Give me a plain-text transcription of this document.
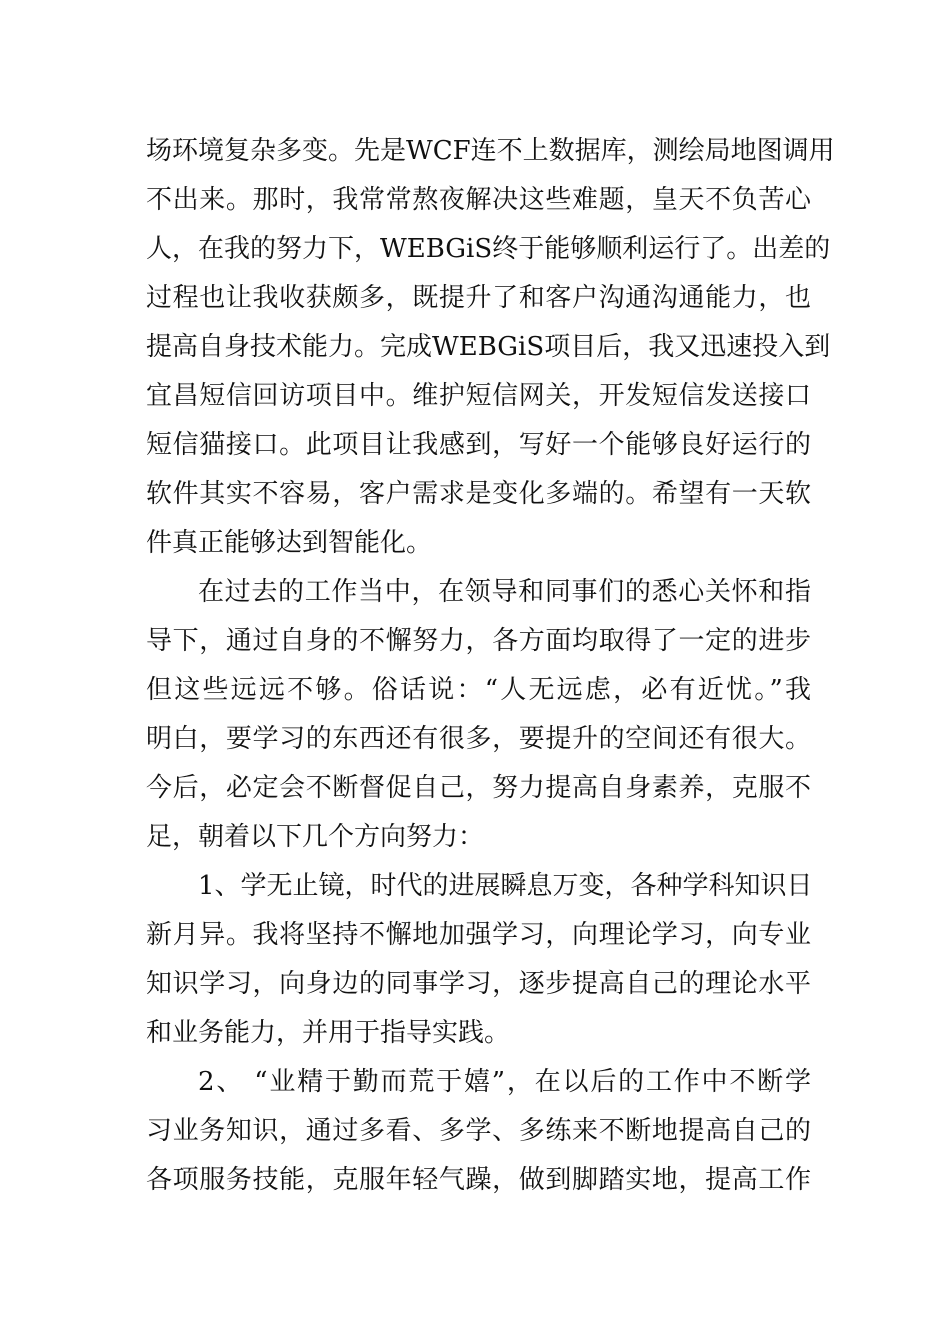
场环境复杂多变。先是WCF连不上数据库，测绘局地图调用
不出来。那时，我常常熬夜解决这些难题，皇天不负苦心
人，在我的努力下，WEBGiS终于能够顺利运行了。出差的
过程也让我收获颇多，既提升了和客户沟通沟通能力，也
提高自身技术能力。完成WEBGiS项目后，我又迅速投入到
宜昌短信回访项目中。维护短信网关，开发短信发送接口
短信猫接口。此项目让我感到，写好一个能够良好运行的
软件其实不容易，客户需求是变化多端的。希望有一天软
件真正能够达到智能化。
在过去的工作当中，在领导和同事们的悉心关怀和指
导下，通过自身的不懈努力，各方面均取得了一定的进步
但这些远远不够。俗话说：“人无远虑，必有近忧。”我
明白，要学习的东西还有很多，要提升的空间还有很大。
今后，必定会不断督促自己，努力提高自身素养，克服不
足，朝着以下几个方向努力：
1、学无止镜，时代的进展瞬息万变，各种学科知识日
新月异。我将坚持不懈地加强学习，向理论学习，向专业
知识学习，向身边的同事学习，逐步提高自己的理论水平
和业务能力，并用于指导实践。
2、 “业精于勤而荒于嬉”，在以后的工作中不断学
习业务知识，通过多看、多学、多练来不断地提高自己的
各项服务技能，克服年轻气躁，做到脚踏实地，提高工作
